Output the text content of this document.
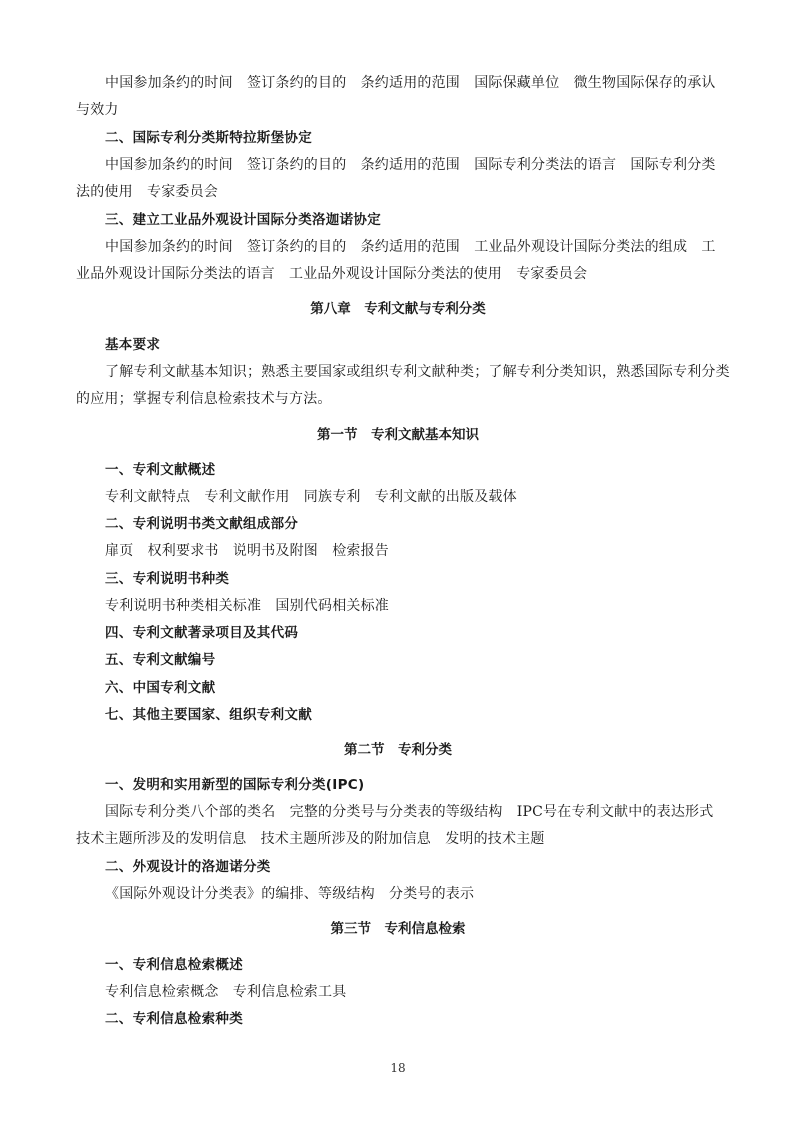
中国参加条约的时间　签订条约的目的　条约适用的范围　国际保藏单位　微生物国际保存的承认
与效力
二、国际专利分类斯特拉斯堡协定
中国参加条约的时间　签订条约的目的　条约适用的范围　国际专利分类法的语言　国际专利分类
法的使用　专家委员会
三、建立工业品外观设计国际分类洛迦诺协定
中国参加条约的时间　签订条约的目的　条约适用的范围　工业品外观设计国际分类法的组成　工
业品外观设计国际分类法的语言　工业品外观设计国际分类法的使用　专家委员会
第八章　专利文献与专利分类
基本要求
了解专利文献基本知识；熟悉主要国家或组织专利文献种类；了解专利分类知识，熟悉国际专利分类
的应用；掌握专利信息检索技术与方法。
第一节　专利文献基本知识
一、专利文献概述
专利文献特点　专利文献作用　同族专利　专利文献的出版及载体
二、专利说明书类文献组成部分
扉页　权利要求书　说明书及附图　检索报告
三、专利说明书种类
专利说明书种类相关标准　国别代码相关标准
四、专利文献著录项目及其代码
五、专利文献编号
六、中国专利文献
七、其他主要国家、组织专利文献
第二节　专利分类
一、发明和实用新型的国际专利分类(IPC)
国际专利分类八个部的类名　完整的分类号与分类表的等级结构　IPC号在专利文献中的表达形式
技术主题所涉及的发明信息　技术主题所涉及的附加信息　发明的技术主题
二、外观设计的洛迦诺分类
《国际外观设计分类表》的编排、等级结构　分类号的表示
第三节　专利信息检索
一、专利信息检索概述
专利信息检索概念　专利信息检索工具
二、专利信息检索种类
18
